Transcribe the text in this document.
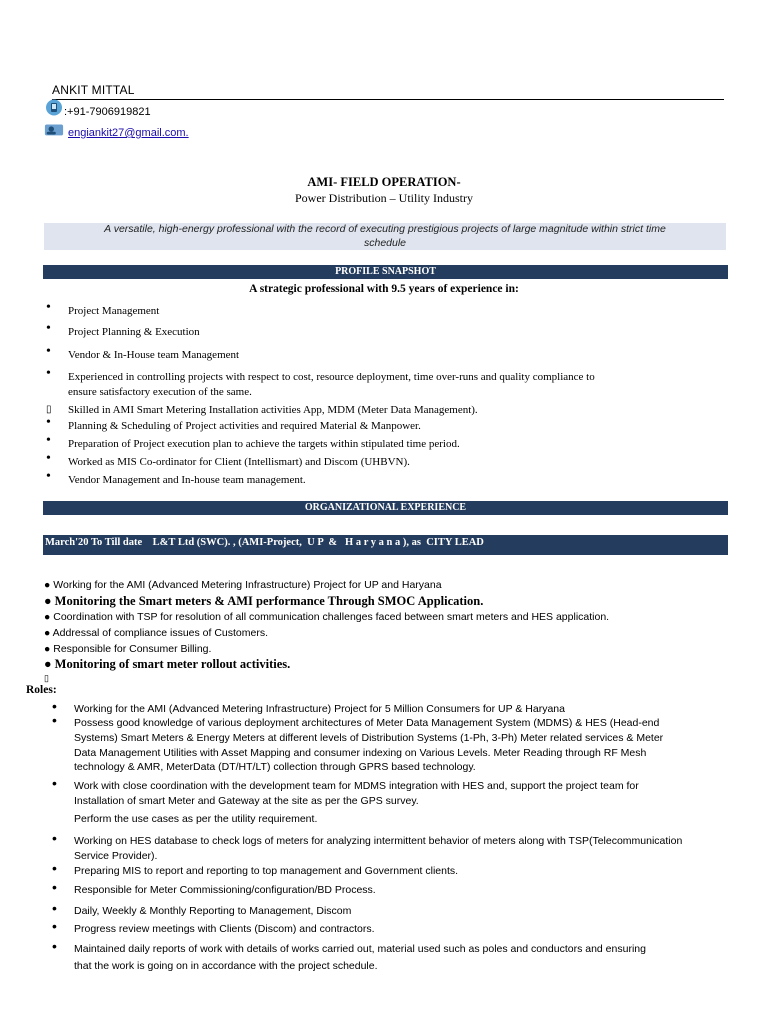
ANKIT MITTAL
:+91-7906919821
engiankit27@gmail.com.
AMI- FIELD OPERATION-
Power Distribution – Utility Industry
A versatile, high-energy professional with the record of executing prestigious projects of large magnitude within strict time schedule
PROFILE SNAPSHOT
A strategic professional with 9.5 years of experience in:
• Project Management
• Project Planning & Execution
• Vendor & In-House team Management
• Experienced in controlling projects with respect to cost, resource deployment, time over-runs and quality compliance to
ensure satisfactory execution of the same.
▯ Skilled in AMI Smart Metering Installation activities App, MDM (Meter Data Management).
• Planning & Scheduling of Project activities and required Material & Manpower.
• Preparation of Project execution plan to achieve the targets within stipulated time period.
• Worked as MIS Co-ordinator for Client (Intellismart) and Discom (UHBVN).
• Vendor Management and In-house team management.
ORGANIZATIONAL EXPERIENCE
March'20 To Till date    L&T Ltd (SWC). , (AMI-Project,  U P  &   H a r y a n a ), as  CITY LEAD
● Working for the AMI (Advanced Metering Infrastructure) Project for UP and Haryana
● Monitoring the Smart meters & AMI performance Through SMOC Application.
● Coordination with TSP for resolution of all communication challenges faced between smart meters and HES application.
● Addressal of compliance issues of Customers.
● Responsible for Consumer Billing.
● Monitoring of smart meter rollout activities.
▯
Roles:
• Working for the AMI (Advanced Metering Infrastructure) Project for 5 Million Consumers for UP & Haryana
• Possess good knowledge of various deployment architectures of Meter Data Management System (MDMS) & HES (Head-end
Systems) Smart Meters & Energy Meters at different levels of Distribution Systems (1-Ph, 3-Ph) Meter related services & Meter
Data Management Utilities with Asset Mapping and consumer indexing on Various Levels. Meter Reading through RF Mesh
technology & AMR, MeterData (DT/HT/LT) collection through GPRS based technology.
• Work with close coordination with the development team for MDMS integration with HES and, support the project team for
Installation of smart Meter and Gateway at the site as per the GPS survey.
Perform the use cases as per the utility requirement.
• Working on HES database to check logs of meters for analyzing intermittent behavior of meters along with TSP(Telecommunication
Service Provider).
• Preparing MIS to report and reporting to top management and Government clients.
• Responsible for Meter Commissioning/configuration/BD Process.
• Daily, Weekly & Monthly Reporting to Management, Discom
• Progress review meetings with Clients (Discom) and contractors.
• Maintained daily reports of work with details of works carried out, material used such as poles and conductors and ensuring
that the work is going on in accordance with the project schedule.
